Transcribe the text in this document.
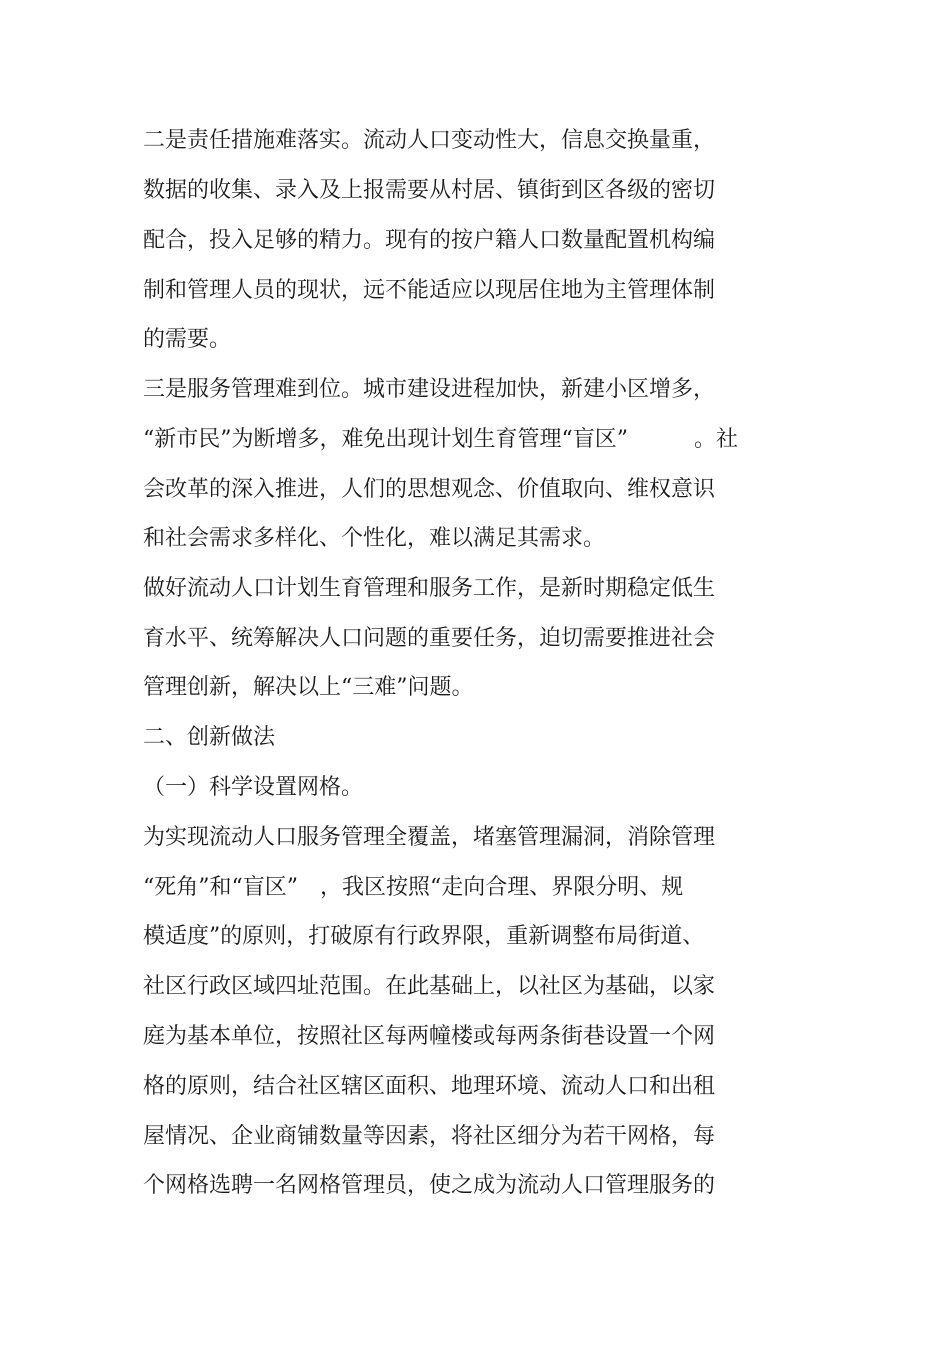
二是责任措施难落实。流动人口变动性大，信息交换量重，

数据的收集、录入及上报需要从村居、镇街到区各级的密切

配合，投入足够的精力。现有的按户籍人口数量配置机构编

制和管理人员的现状，远不能适应以现居住地为主管理体制

的需要。

三是服务管理难到位。城市建设进程加快，新建小区增多，

“新市民”为断增多，难免出现计划生育管理“盲区”　　　。社

会改革的深入推进，人们的思想观念、价值取向、维权意识

和社会需求多样化、个性化，难以满足其需求。

做好流动人口计划生育管理和服务工作，是新时期稳定低生

育水平、统筹解决人口问题的重要任务，迫切需要推进社会

管理创新，解决以上“三难”问题。

二、创新做法

（一）科学设置网格。

为实现流动人口服务管理全覆盖，堵塞管理漏洞，消除管理

“死角”和“盲区”　，我区按照“走向合理、界限分明、规

模适度”的原则，打破原有行政界限，重新调整布局街道、

社区行政区域四址范围。在此基础上，以社区为基础，以家

庭为基本单位，按照社区每两幢楼或每两条街巷设置一个网

格的原则，结合社区辖区面积、地理环境、流动人口和出租

屋情况、企业商铺数量等因素，将社区细分为若干网格，每

个网格选聘一名网格管理员，使之成为流动人口管理服务的
